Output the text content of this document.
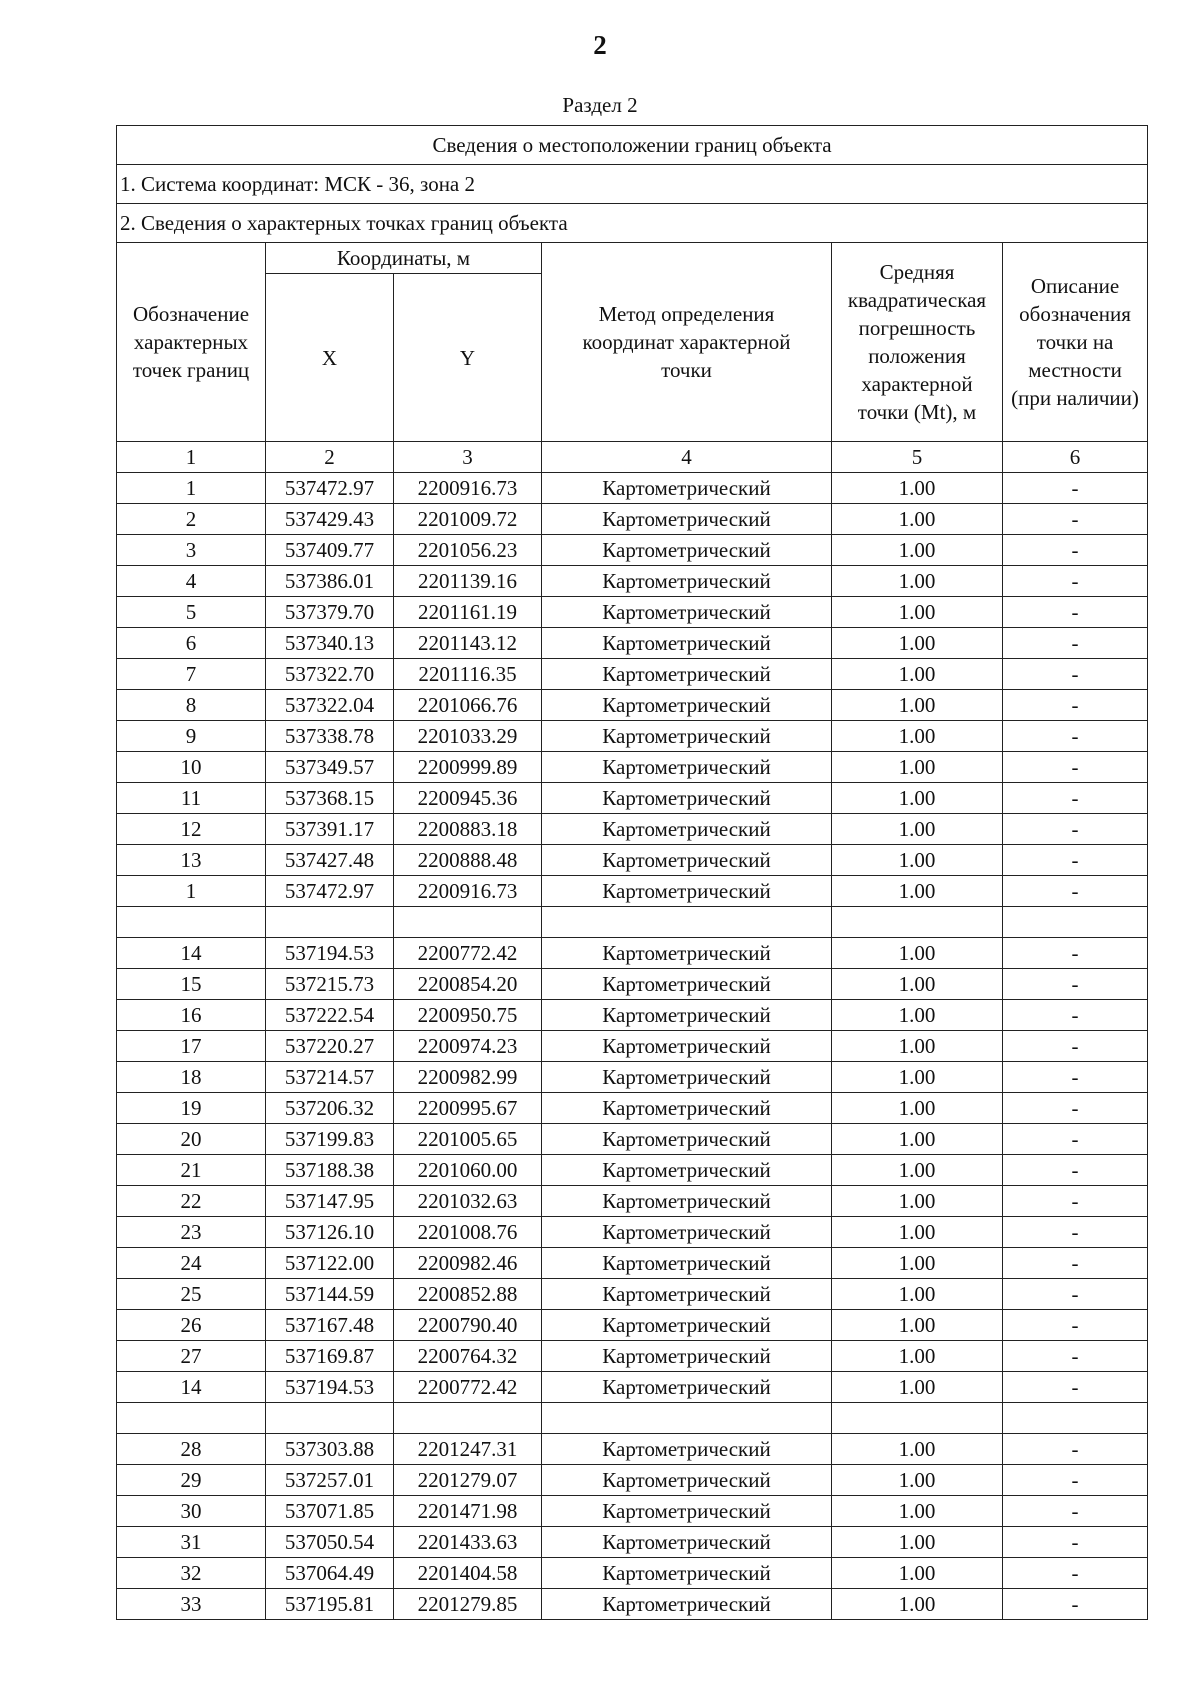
2
Раздел 2
Сведения о местоположении границ объекта					
1. Система координат: МСК - 36, зона 2					
2. Сведения о характерных точках границ объекта					
Обозначение характерных точек границ	Координаты, м		Метод определения координат характерной точки	Средняя квадратическая погрешность положения характерной точки (Mt), м	Описание обозначения точки на местности (при наличии)
	X	Y			
1	2	3	4	5	6
1	537472.97	2200916.73	Картометрический	1.00	-
2	537429.43	2201009.72	Картометрический	1.00	-
3	537409.77	2201056.23	Картометрический	1.00	-
4	537386.01	2201139.16	Картометрический	1.00	-
5	537379.70	2201161.19	Картометрический	1.00	-
6	537340.13	2201143.12	Картометрический	1.00	-
7	537322.70	2201116.35	Картометрический	1.00	-
8	537322.04	2201066.76	Картометрический	1.00	-
9	537338.78	2201033.29	Картометрический	1.00	-
10	537349.57	2200999.89	Картометрический	1.00	-
11	537368.15	2200945.36	Картометрический	1.00	-
12	537391.17	2200883.18	Картометрический	1.00	-
13	537427.48	2200888.48	Картометрический	1.00	-
1	537472.97	2200916.73	Картометрический	1.00	-

14	537194.53	2200772.42	Картометрический	1.00	-
15	537215.73	2200854.20	Картометрический	1.00	-
16	537222.54	2200950.75	Картометрический	1.00	-
17	537220.27	2200974.23	Картометрический	1.00	-
18	537214.57	2200982.99	Картометрический	1.00	-
19	537206.32	2200995.67	Картометрический	1.00	-
20	537199.83	2201005.65	Картометрический	1.00	-
21	537188.38	2201060.00	Картометрический	1.00	-
22	537147.95	2201032.63	Картометрический	1.00	-
23	537126.10	2201008.76	Картометрический	1.00	-
24	537122.00	2200982.46	Картометрический	1.00	-
25	537144.59	2200852.88	Картометрический	1.00	-
26	537167.48	2200790.40	Картометрический	1.00	-
27	537169.87	2200764.32	Картометрический	1.00	-
14	537194.53	2200772.42	Картометрический	1.00	-

28	537303.88	2201247.31	Картометрический	1.00	-
29	537257.01	2201279.07	Картометрический	1.00	-
30	537071.85	2201471.98	Картометрический	1.00	-
31	537050.54	2201433.63	Картометрический	1.00	-
32	537064.49	2201404.58	Картометрический	1.00	-
33	537195.81	2201279.85	Картометрический	1.00	-
